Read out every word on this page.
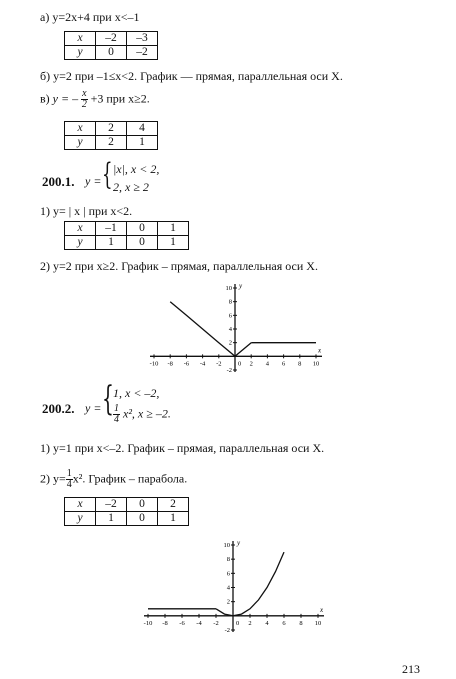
а) y=2x+4 при x<–1
x	–2	–3
y	0	–2
б) y=2 при –1≤x<2. График — прямая, параллельная оси X.
в) y = – $\frac{x}{2} +3$ при x≥2.
x	2	4
y	2	1
200.1. y = { |x|, x < 2,
2, x ≥ 2
1) y= | x | при x<2.
x	–1	0	1
y	1	0	1
2) y=2 при x≥2. График – прямая, параллельная оси X.
x
y
-10 -8 -6 -4 -2	0 2 4 6 8 10
10
8
6
4
2
-2
200.2. y = { 1, x < –2,
$\frac{1}{4} x^2$, x ≥ –2.
1) y=1 при x<–2. График – прямая, параллельная оси X.
2) $y= \frac{1}{4} x^2$. График – парабола.
x	–2	0	2
y	1	0	1
x
y
-10 -8 -6 -4 -2	0 2 4 6 8 10
10
8
6
4
2
-2
213
